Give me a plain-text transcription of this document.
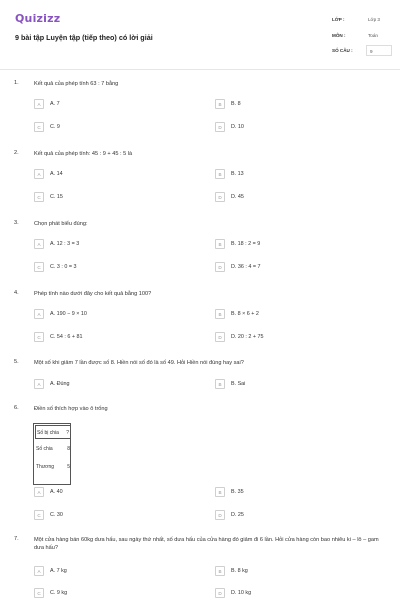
Quizizz
9 bài tập Luyện tập (tiếp theo) có lời giải
LỚP :	Lớp 3
MÔN :	Toán
SỐ CÂU :	9
1.	Kết quả của phép tính 63 : 7 bằng
A	A. 7	B	B. 8
C	C. 9	D	D. 10
2.	Kết quả của phép tính: 45 : 9 + 45 : 5 là
A	A. 14	B	B. 13
C	C. 15	D	D. 45
3.	Chọn phát biểu đúng:
A	A. 12 : 3 = 3	B	B. 18 : 2 = 9
C	C. 3 : 0 = 3	D	D. 36 : 4 = 7
4.	Phép tính nào dưới đây cho kết quả bằng 100?
A	A. 190 − 9 × 10	B	B. 8 × 6 + 2
C	C. 54 : 6 + 81	D	D. 20 : 2 + 75
5.	Một số khi giảm 7 lần được số 8. Hiền nói số đó là số 49. Hỏi Hiền nói đúng hay sai?
A	A. Đúng	B	B. Sai
6.	Điền số thích hợp vào ô trống
Số bị chia ?
Số chia	8
Thương	5
A	A. 40	B	B. 35
C	C. 30	D	D. 25
7.	Một cửa hàng bán 60kg dưa hấu, sau ngày thứ nhất, số dưa hấu của cửa hàng đó giảm đi 6 lần. Hỏi cửa hàng còn bao nhiêu ki – lô – gam dưa hấu?
A	A. 7 kg	B	B. 8 kg
C	C. 9 kg	D	D. 10 kg
